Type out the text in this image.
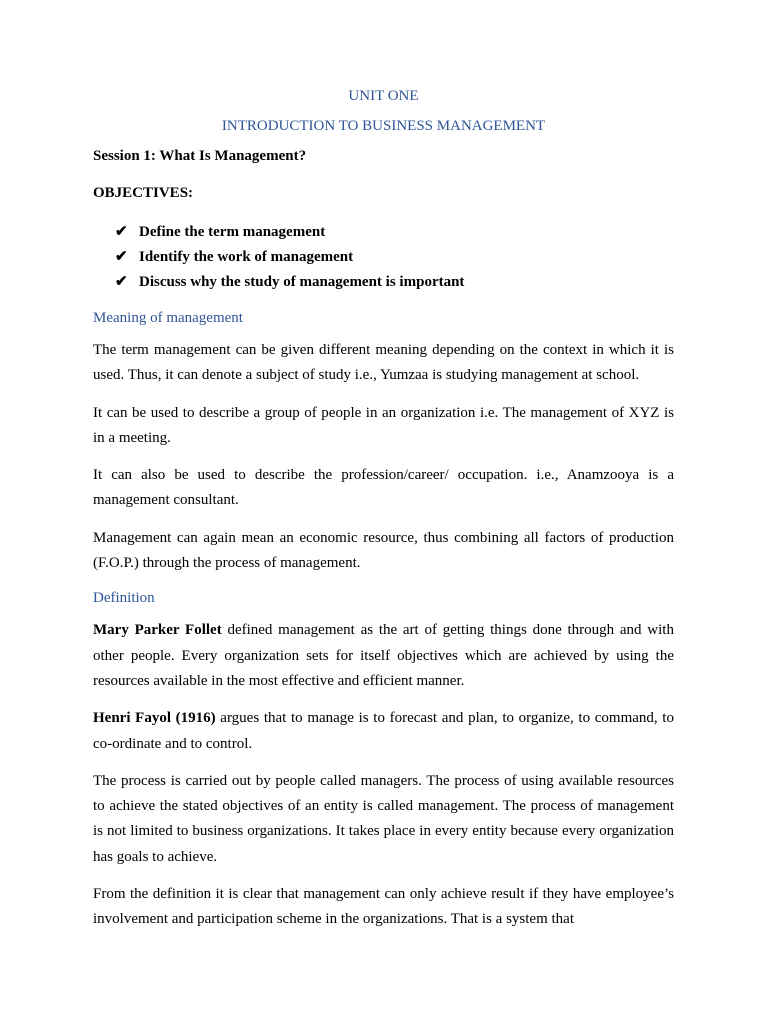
UNIT ONE
INTRODUCTION TO BUSINESS MANAGEMENT
Session 1: What Is Management?
OBJECTIVES:
✔ Define the term management
✔ Identify the work of management
✔ Discuss why the study of management is important
Meaning of management

The term management can be given different meaning depending on the context in which it is used. Thus, it can denote a subject of study i.e., Yumzaa is studying management at school.

It can be used to describe a group of people in an organization i.e. The management of XYZ is in a meeting.

It can also be used to describe the profession/career/ occupation. i.e., Anamzooya is a management consultant.

Management can again mean an economic resource, thus combining all factors of production (F.O.P.) through the process of management.

Definition

Mary Parker Follet defined management as the art of getting things done through and with other people. Every organization sets for itself objectives which are achieved by using the resources available in the most effective and efficient manner.

Henri Fayol (1916) argues that to manage is to forecast and plan, to organize, to command, to co-ordinate and to control.

The process is carried out by people called managers. The process of using available resources to achieve the stated objectives of an entity is called management. The process of management is not limited to business organizations. It takes place in every entity because every organization has goals to achieve.

From the definition it is clear that management can only achieve result if they have employee’s involvement and participation scheme in the organizations. That is a system that
